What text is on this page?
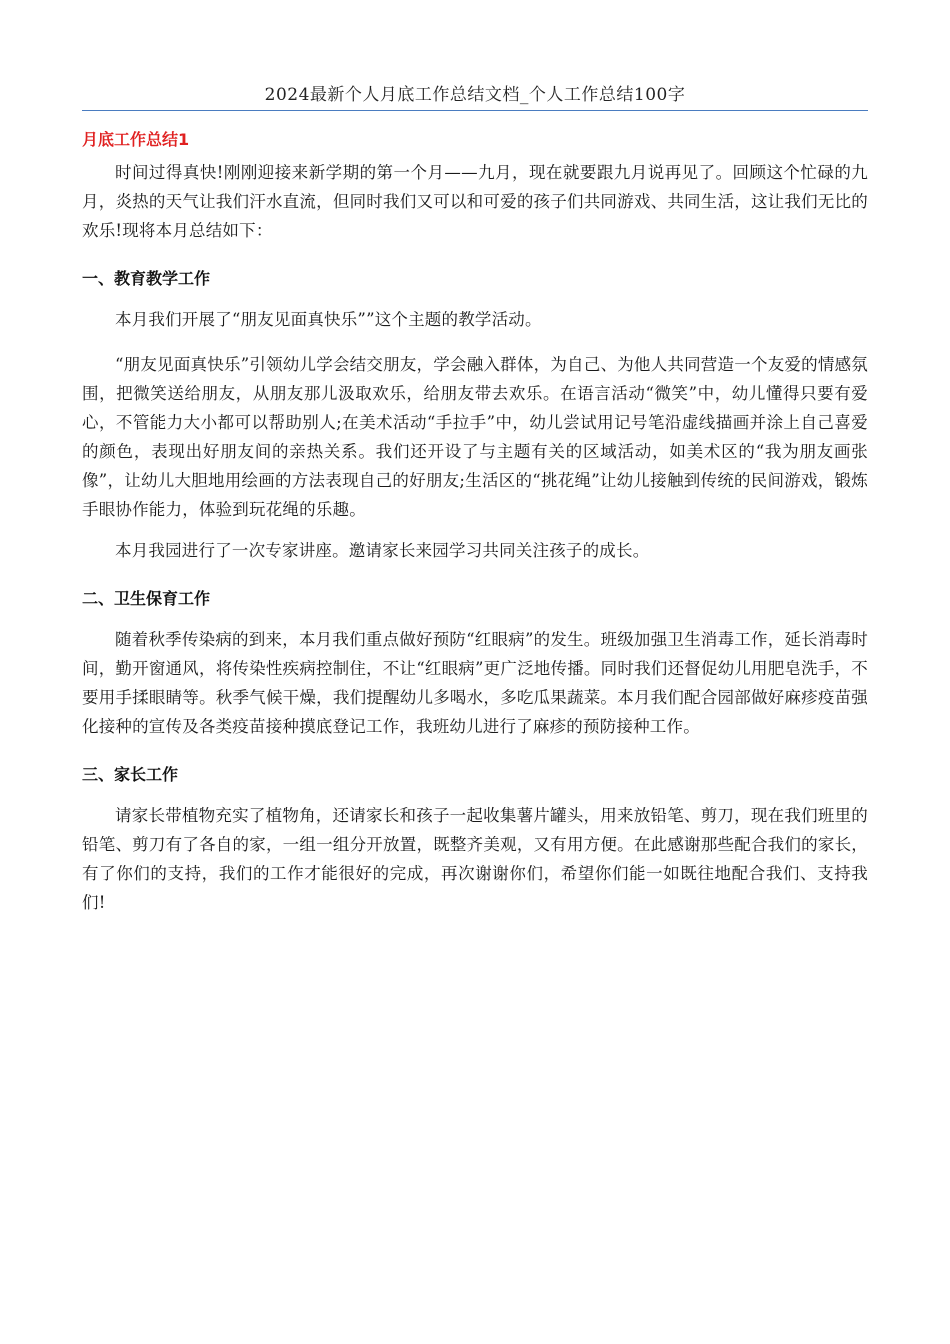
2024最新个人月底工作总结文档_个人工作总结100字
月底工作总结1

时间过得真快!刚刚迎接来新学期的第一个月——九月，现在就要跟九月说再见了。回顾这个忙碌的九月，炎热的天气让我们汗水直流，但同时我们又可以和可爱的孩子们共同游戏、共同生活，这让我们无比的欢乐!现将本月总结如下：

一、教育教学工作

本月我们开展了“朋友见面真快乐””这个主题的教学活动。

“朋友见面真快乐”引领幼儿学会结交朋友，学会融入群体，为自己、为他人共同营造一个友爱的情感氛围，把微笑送给朋友，从朋友那儿汲取欢乐，给朋友带去欢乐。在语言活动“微笑”中，幼儿懂得只要有爱心，不管能力大小都可以帮助别人;在美术活动“手拉手”中，幼儿尝试用记号笔沿虚线描画并涂上自己喜爱的颜色，表现出好朋友间的亲热关系。我们还开设了与主题有关的区域活动，如美术区的“我为朋友画张像”，让幼儿大胆地用绘画的方法表现自己的好朋友;生活区的“挑花绳”让幼儿接触到传统的民间游戏，锻炼手眼协作能力，体验到玩花绳的乐趣。

本月我园进行了一次专家讲座。邀请家长来园学习共同关注孩子的成长。

二、卫生保育工作

随着秋季传染病的到来，本月我们重点做好预防“红眼病”的发生。班级加强卫生消毒工作，延长消毒时间，勤开窗通风，将传染性疾病控制住，不让“红眼病”更广泛地传播。同时我们还督促幼儿用肥皂洗手，不要用手揉眼睛等。秋季气候干燥，我们提醒幼儿多喝水，多吃瓜果蔬菜。本月我们配合园部做好麻疹疫苗强化接种的宣传及各类疫苗接种摸底登记工作，我班幼儿进行了麻疹的预防接种工作。

三、家长工作

请家长带植物充实了植物角，还请家长和孩子一起收集薯片罐头，用来放铅笔、剪刀，现在我们班里的铅笔、剪刀有了各自的家，一组一组分开放置，既整齐美观，又有用方便。在此感谢那些配合我们的家长，有了你们的支持，我们的工作才能很好的完成，再次谢谢你们，希望你们能一如既往地配合我们、支持我们!
